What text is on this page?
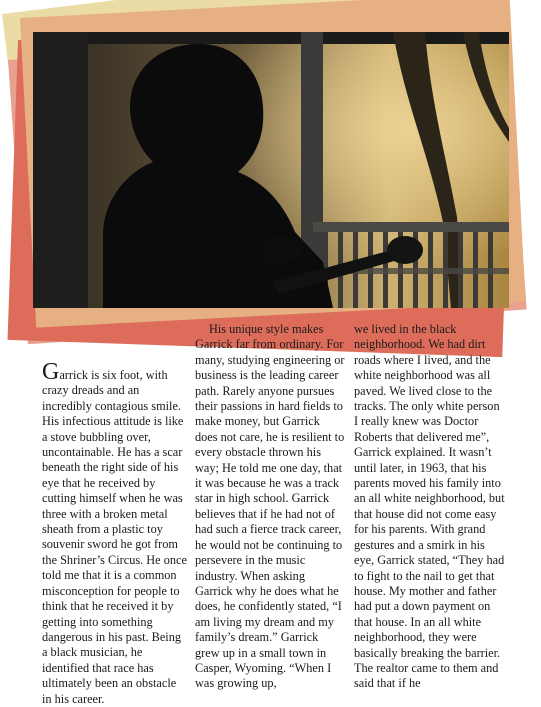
Garrick is six foot, with crazy dreads and an incredibly contagious smile. His infectious attitude is like a stove bubbling over, uncontainable. He has a scar beneath the right side of his eye that he received by cutting himself when he was three with a broken metal sheath from a plastic toy souvenir sword he got from the Shriner’s Circus. He once told me that it is a common misconception for people to think that he received it by getting into something dangerous in his past. Being a black musician, he identified that race has ultimately been an obstacle in his career.

His unique style makes Garrick far from ordinary. For many, studying engineering or business is the leading career path. Rarely anyone pursues their passions in hard fields to make money, but Garrick does not care, he is resilient to every obstacle thrown his way; He told me one day, that it was because he was a track star in high school. Garrick believes that if he had not of had such a fierce track career, he would not be continuing to persevere in the music industry. When asking Garrick why he does what he does, he confidently stated, “I am living my dream and my family’s dream.” Garrick grew up in a small town in Casper, Wyoming. “When I was growing up,

we lived in the black neighborhood. We had dirt roads where I lived, and the white neighborhood was all paved. We lived close to the tracks. The only white person I really knew was Doctor Roberts that delivered me”, Garrick explained. It wasn’t until later, in 1963, that his parents moved his family into an all white neighborhood, but that house did not come easy for his parents. With grand gestures and a smirk in his eye, Garrick stated, “They had to fight to the nail to get that house. My mother and father had put a down payment on that house. In an all white neighborhood, they were basically breaking the barrier. The realtor came to them and said that if he
